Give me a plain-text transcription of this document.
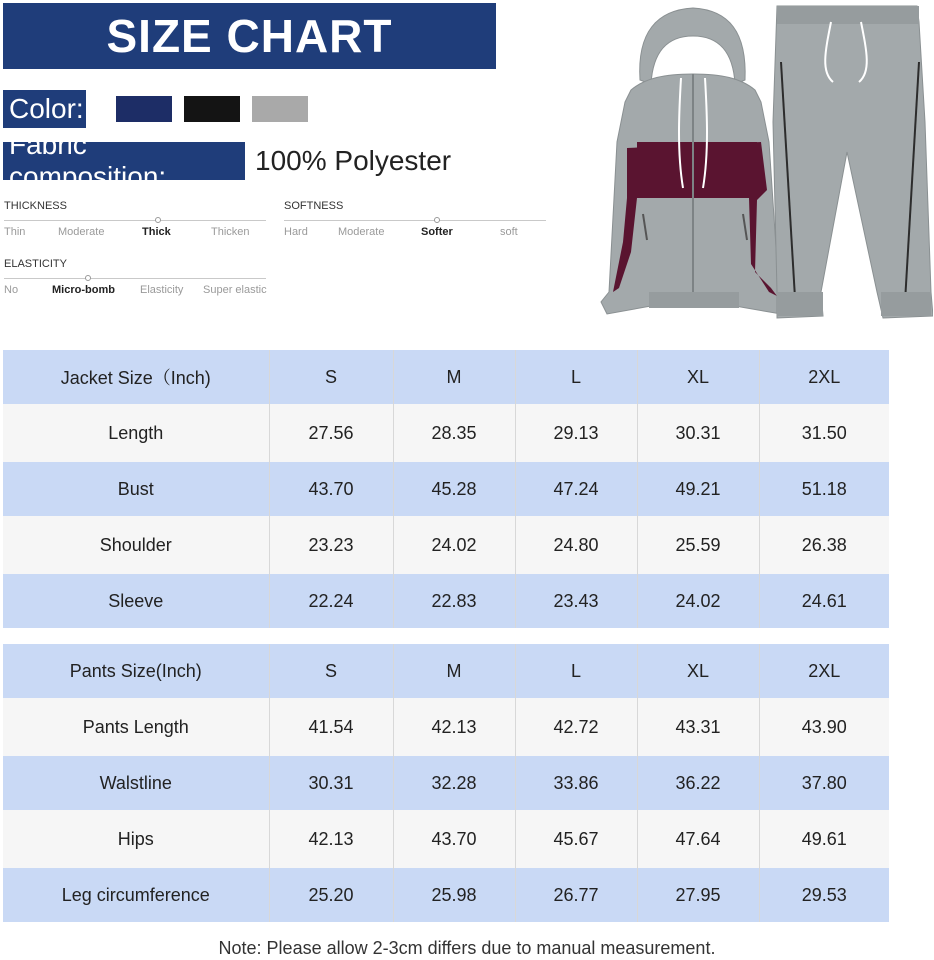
SIZE CHART
Color:
Fabric composition:
100% Polyester
THICKNESS
Thin	Moderate	Thick	Thicken
SOFTNESS
Hard	Moderate	Softer	soft
ELASTICITY
No	Micro-bomb Elasticity Super elastic
Jacket Size（Inch)	S	M	L	XL	2XL
Length	27.56	28.35	29.13	30.31	31.50
Bust	43.70	45.28	47.24	49.21	51.18
Shoulder	23.23	24.02	24.80	25.59	26.38
Sleeve	22.24	22.83	23.43	24.02	24.61
Pants Size(Inch)	S	M	L	XL	2XL
Pants Length	41.54	42.13	42.72	43.31	43.90
Walstline	30.31	32.28	33.86	36.22	37.80
Hips	42.13	43.70	45.67	47.64	49.61
Leg circumference	25.20	25.98	26.77	27.95	29.53
Note: Please allow 2-3cm differs due to manual measurement.
